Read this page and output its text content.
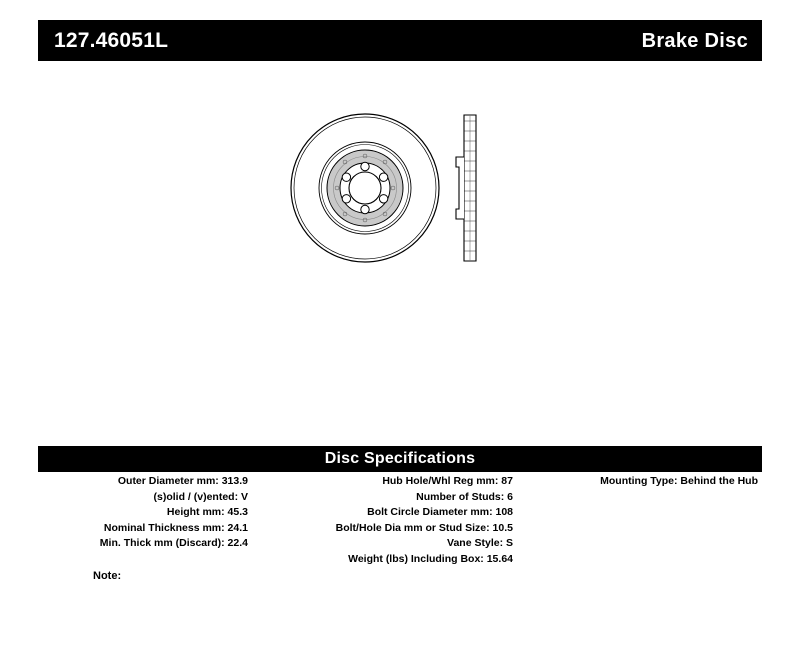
127.46051L	Brake Disc
Disc Specifications
Outer Diameter mm: 313.9
(s)olid / (v)ented: V
Height mm: 45.3
Nominal Thickness mm: 24.1
Min. Thick mm (Discard): 22.4
Hub Hole/Whl Reg mm: 87
Number of Studs: 6
Bolt Circle Diameter mm: 108
Bolt/Hole Dia mm or Stud Size: 10.5
Vane Style: S
Weight (lbs) Including Box: 15.64
Mounting Type: Behind the Hub
Note:
